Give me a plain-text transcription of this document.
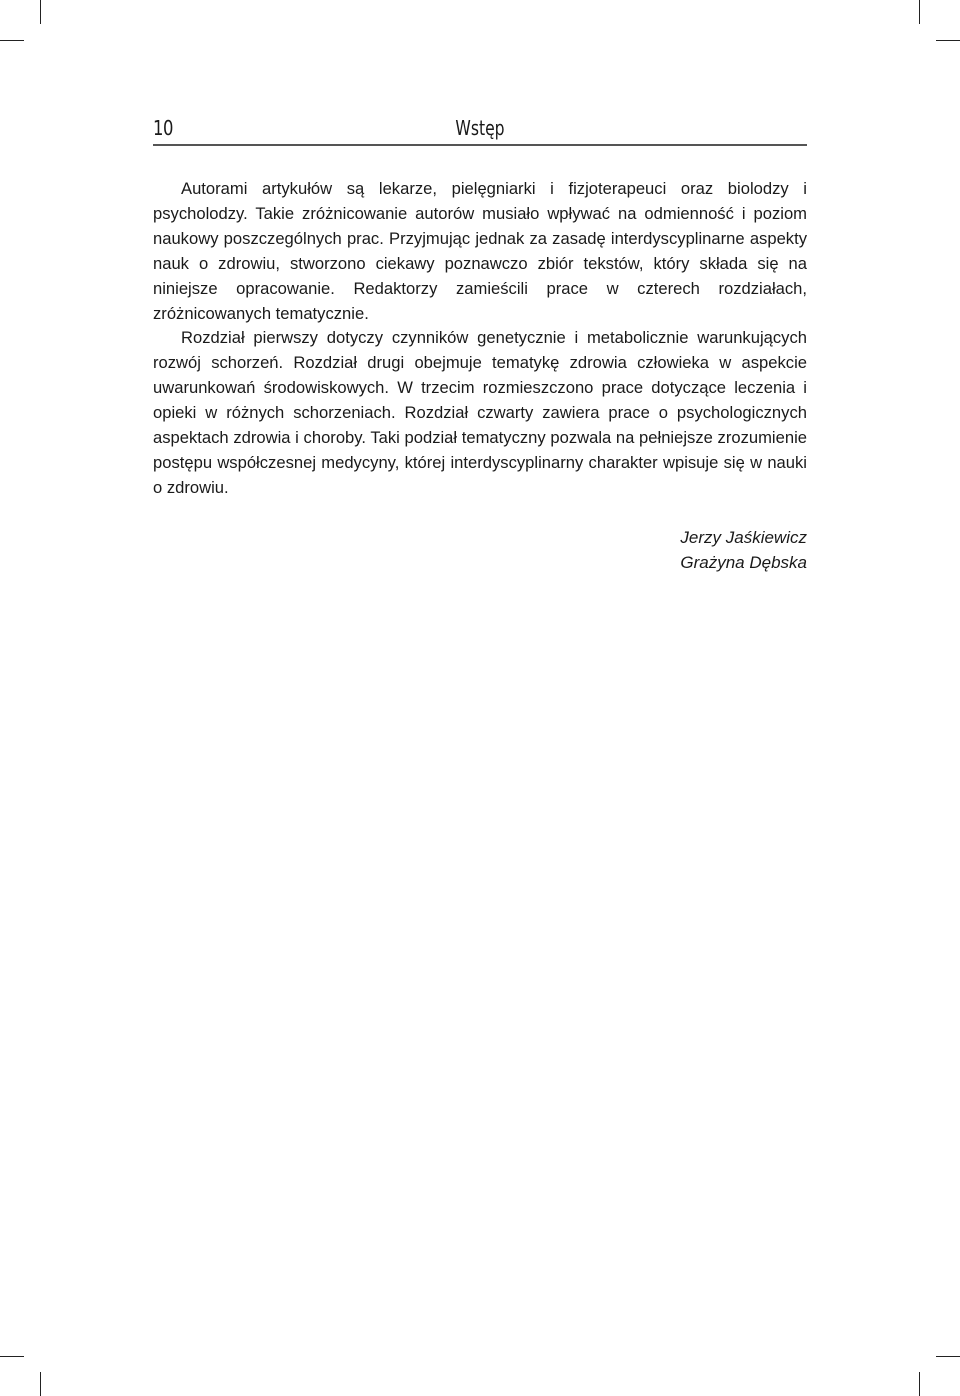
10	Wstęp

Autorami artykułów są lekarze, pielęgniarki i fizjoterapeuci oraz biolodzy i psycholodzy. Takie zróżnicowanie autorów musiało wpływać na odmienność i poziom naukowy poszczególnych prac. Przyjmując jednak za zasadę interdyscyplinarne aspekty nauk o zdrowiu, stworzono ciekawy poznawczo zbiór tekstów, który składa się na niniejsze opracowanie. Redaktorzy zamieścili prace w czterech rozdziałach, zróżnicowanych tematycznie.

Rozdział pierwszy dotyczy czynników genetycznie i metabolicznie warunkujących rozwój schorzeń. Rozdział drugi obejmuje tematykę zdrowia człowieka w aspekcie uwarunkowań środowiskowych. W trzecim rozmieszczono prace dotyczące leczenia i opieki w różnych schorzeniach. Rozdział czwarty zawiera prace o psychologicznych aspektach zdrowia i choroby. Taki podział tematyczny pozwala na pełniejsze zrozumienie postępu współczesnej medycyny, której interdyscyplinarny charakter wpisuje się w nauki o zdrowiu.

Jerzy Jaśkiewicz
Grażyna Dębska
